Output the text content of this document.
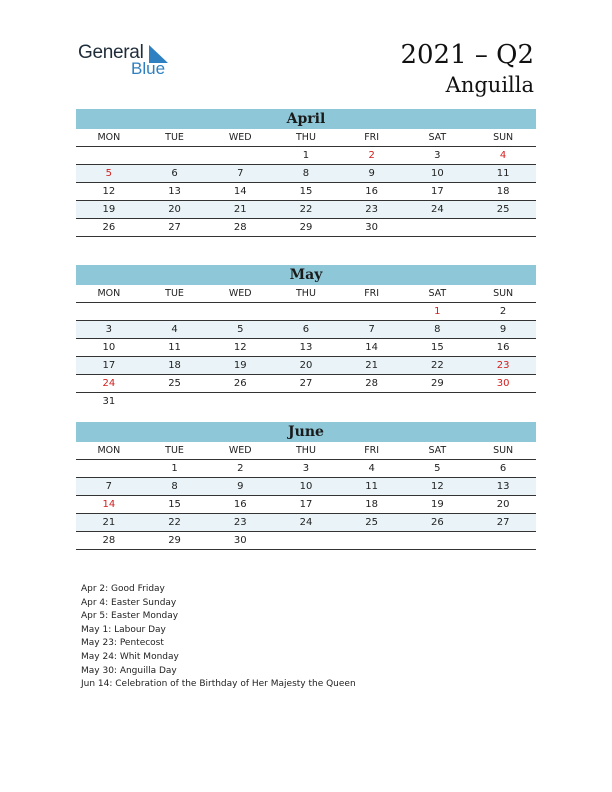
General
Blue	2021 – Q2
Anguilla
April
MON	TUE	WED	THU	FRI	SAT	SUN
			1	2	3	4
5	6	7	8	9	10	11
12	13	14	15	16	17	18
19	20	21	22	23	24	25
26	27	28	29	30		
May
MON	TUE	WED	THU	FRI	SAT	SUN
					1	2
3	4	5	6	7	8	9
10	11	12	13	14	15	16
17	18	19	20	21	22	23
24	25	26	27	28	29	30
31						
June
MON	TUE	WED	THU	FRI	SAT	SUN
	1	2	3	4	5	6
7	8	9	10	11	12	13
14	15	16	17	18	19	20
21	22	23	24	25	26	27
28	29	30				
Apr 2: Good Friday
Apr 4: Easter Sunday
Apr 5: Easter Monday
May 1: Labour Day
May 23: Pentecost
May 24: Whit Monday
May 30: Anguilla Day
Jun 14: Celebration of the Birthday of Her Majesty the Queen
